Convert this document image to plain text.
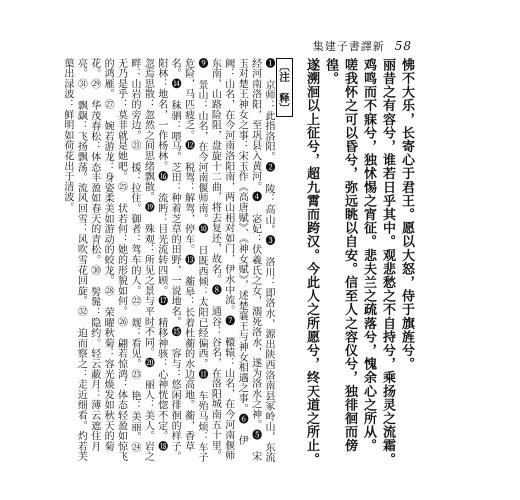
集建子書譯新 58

怫不大乐，长寄心于君王。愿以大怒，侍于旗旌兮。

丽昔之有容兮，谁若日乎其中。观悲愁之不自持兮，乘扬灵之流霜。

鸡鸣而不寐兮，独怵惕之宵征。悲夫兰之疏落兮，愧余心之所从。

嗟我怀之可以昏兮，弥远眺以自安。信至人之容仪兮，独徘徊而傍徨。

遂溯洄以上征兮，超九霄而跨汉。今此人之所愿兮，终天道之所止。

〔注　释〕

❶ 京师：此指洛阳。❷ 陵：高山。❸ 洛川：即洛水，源出陕西洛南县冢岭山，东流经河南洛阳，至巩县入黄河。❹ 宓妃：伏羲氏之女，溺死洛水，遂为洛水之神。❺ 宋玉对楚王神女之事：宋玉作《高唐赋》、《神女赋》，述楚襄王与神女相遇之事。❻ 伊阙：山名，在今河南洛阳南，两山相对如门，伊水中流。❼ 轘辕：山名，在今河南偃师东南，山路险阻，盘旋十二曲，将去复还，故名。❽ 通谷：谷名，在洛阳城南五十里。❾ 景山：山名，在今河南偃师南。❿ 日既西倾：太阳已经偏西。⓫ 车殆马烦：车子危险，马匹疲乏。⓬ 税驾：解驾，停车。⓭ 蘅皋：长着杜蘅的水边高地。蘅，香草名。⓮ 秣驷：喂马。芝田：种着芝草的田野，一说地名。⓯ 容与：悠闲徘徊的样子。阳林：地名，一作杨林。⓰ 流眄：目光流转四顾。⓱ 精移神骇：心神恍惚不定。⓲ 忽焉思散：忽然之间思绪飘散。⓳ 殊观：所见之景与平时不同。⓴ 丽人：美人。岩之畔：山岩的旁边。㉑ 援：拉住。御者：驾车的人。㉒ 觌：看见。㉓ 艳：美丽。㉔ 无乃是乎：莫非就是她吧。㉕ 状若何：她的形貌如何。㉖ 翩若惊鸿：体态轻盈如惊飞的鸿雁。㉗ 婉若游龙：身姿柔美如游动的蛟龙。㉘ 荣曜秋菊：容光焕发如秋天的菊花。㉙ 华茂春松：体态丰盈如春天的青松。㉚ 髣髴：隐约。轻云蔽月：薄云遮住月亮。㉛ 飘飖：飞扬飘荡。流风回雪：风吹雪花回旋。㉜ 迫而察之：走近细看。灼若芙蕖出渌波：鲜明如荷花出于清波。
